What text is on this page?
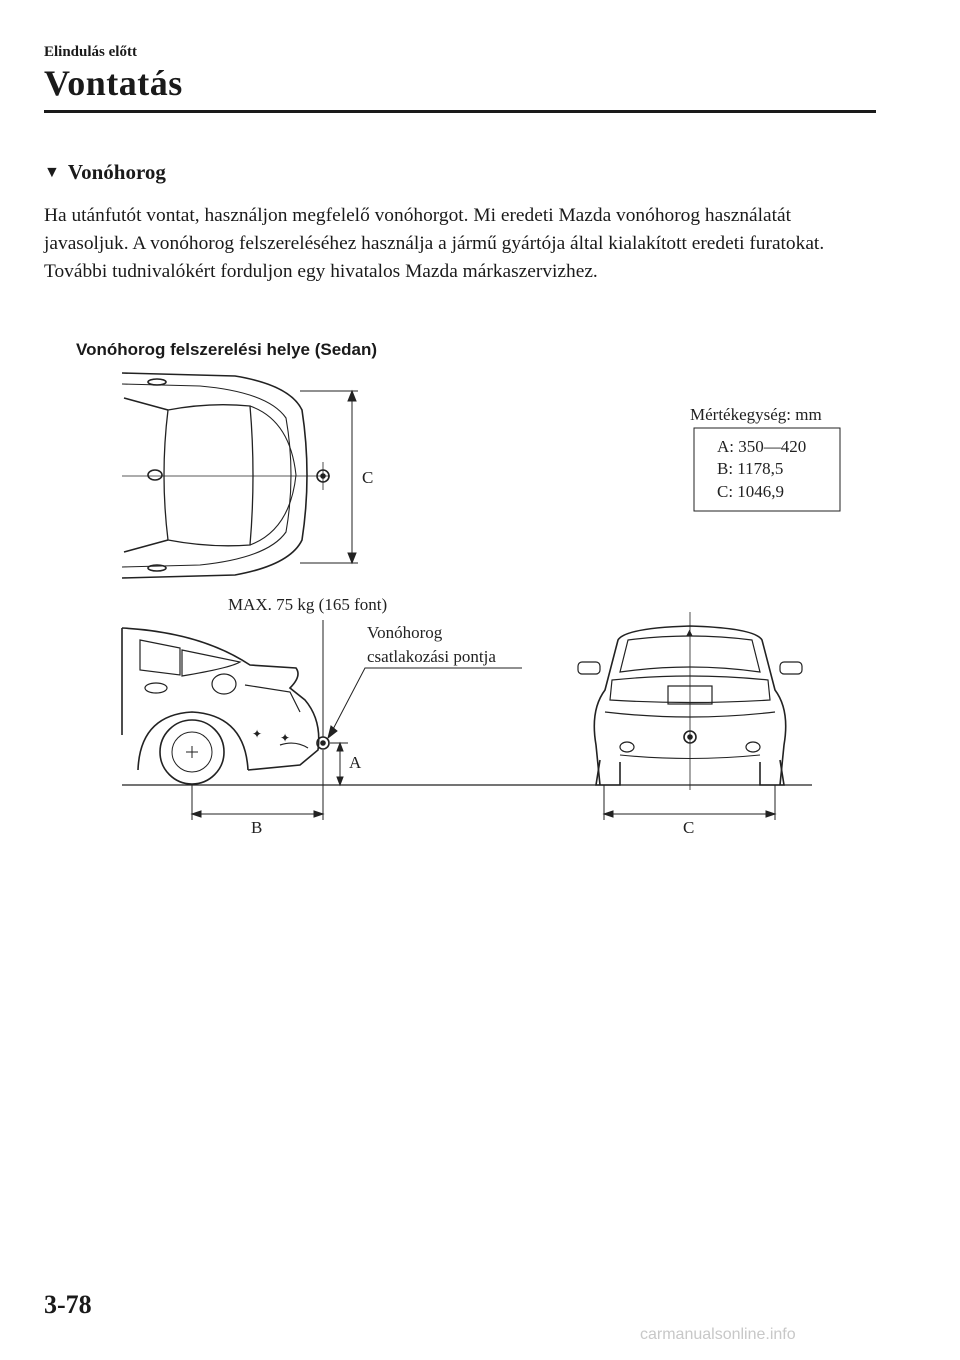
Elindulás előtt
Vontatás
▼ Vonóhorog
Ha utánfutót vontat, használjon megfelelő vonóhorgot. Mi eredeti Mazda vonóhorog használatát javasoljuk. A vonóhorog felszereléséhez használja a jármű gyártója által kialakított eredeti furatokat. További tudnivalókért forduljon egy hivatalos Mazda márkaszervizhez.
Vonóhorog felszerelési helye (Sedan)
C
Mértékegység: mm
A: 350—420
B: 1178,5
C: 1046,9
✦ ✦
MAX. 75 kg (165 font)
Vonóhorog
csatlakozási pontja
A
B
▲
C
3-78
carmanualsonline.info
